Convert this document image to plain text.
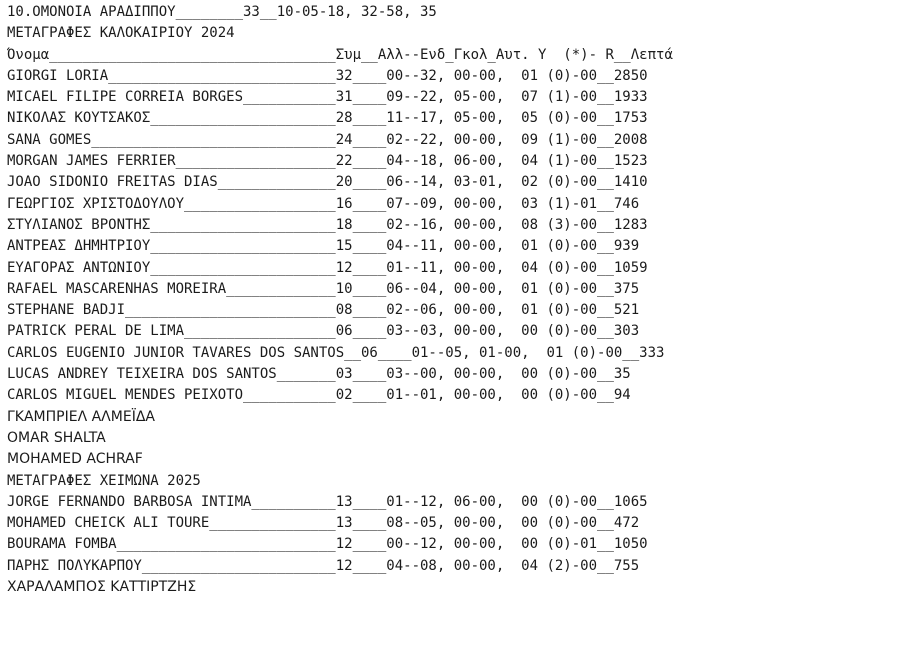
10.ΟΜΟΝΟΙΑ ΑΡΑΔΙΠΠΟΥ________33__10-05-18, 32-58, 35
ΜΕΤΑΓΡΑΦΕΣ ΚΑΛΟΚΑΙΡΙΟΥ 2024
Όνομα__________________________________Συμ__Αλλ--Ενδ_Γκολ_Αυτ. Υ  (*)- R__Λεπτά
GIORGI LORIA___________________________32____00--32, 00-00,  01 (0)-00__2850
MICAEL FILIPE CORREIA BORGES___________31____09--22, 05-00,  07 (1)-00__1933
ΝΙΚΟΛΑΣ ΚΟΥΤΣΑΚΟΣ______________________28____11--17, 05-00,  05 (0)-00__1753
SANA GOMES_____________________________24____02--22, 00-00,  09 (1)-00__2008
MORGAN JAMES FERRIER___________________22____04--18, 06-00,  04 (1)-00__1523
JOAO SIDONIO FREITAS DIAS______________20____06--14, 03-01,  02 (0)-00__1410
ΓΕΩΡΓΙΟΣ ΧΡΙΣΤΟΔΟΥΛΟΥ__________________16____07--09, 00-00,  03 (1)-01__746
ΣΤΥΛΙΑΝΟΣ ΒΡΟΝΤΗΣ______________________18____02--16, 00-00,  08 (3)-00__1283
ΑΝΤΡΕΑΣ ΔΗΜΗΤΡΙΟΥ______________________15____04--11, 00-00,  01 (0)-00__939
ΕΥΑΓΟΡΑΣ ΑΝΤΩΝΙΟΥ______________________12____01--11, 00-00,  04 (0)-00__1059
RAFAEL MASCARENHAS MOREIRA_____________10____06--04, 00-00,  01 (0)-00__375
STEPHANE BADJI_________________________08____02--06, 00-00,  01 (0)-00__521
PATRICK PERAL DE LIMA__________________06____03--03, 00-00,  00 (0)-00__303
CARLOS EUGENIO JUNIOR TAVARES DOS SANTOS__06____01--05, 01-00,  01 (0)-00__333
LUCAS ANDREY TEIXEIRA DOS SANTOS_______03____03--00, 00-00,  00 (0)-00__35
CARLOS MIGUEL MENDES PEIXOTO___________02____01--01, 00-00,  00 (0)-00__94
ΓΚΑΜΠΡΙΕΛ ΑΛΜΕΪΔΑ
OMAR SHALTA
MOHAMED ACHRAF
ΜΕΤΑΓΡΑΦΕΣ ΧΕΙΜΩΝΑ 2025
JORGE FERNANDO BARBOSA INTIMA__________13____01--12, 06-00,  00 (0)-00__1065
MOHAMED CHEICK ALI TOURE_______________13____08--05, 00-00,  00 (0)-00__472
BOURAMA FOMBA__________________________12____00--12, 00-00,  00 (0)-01__1050
ΠΑΡΗΣ ΠΟΛΥΚΑΡΠΟΥ_______________________12____04--08, 00-00,  04 (2)-00__755
ΧΑΡΑΛΑΜΠΟΣ ΚΑΤΤΙΡΤΖΗΣ
